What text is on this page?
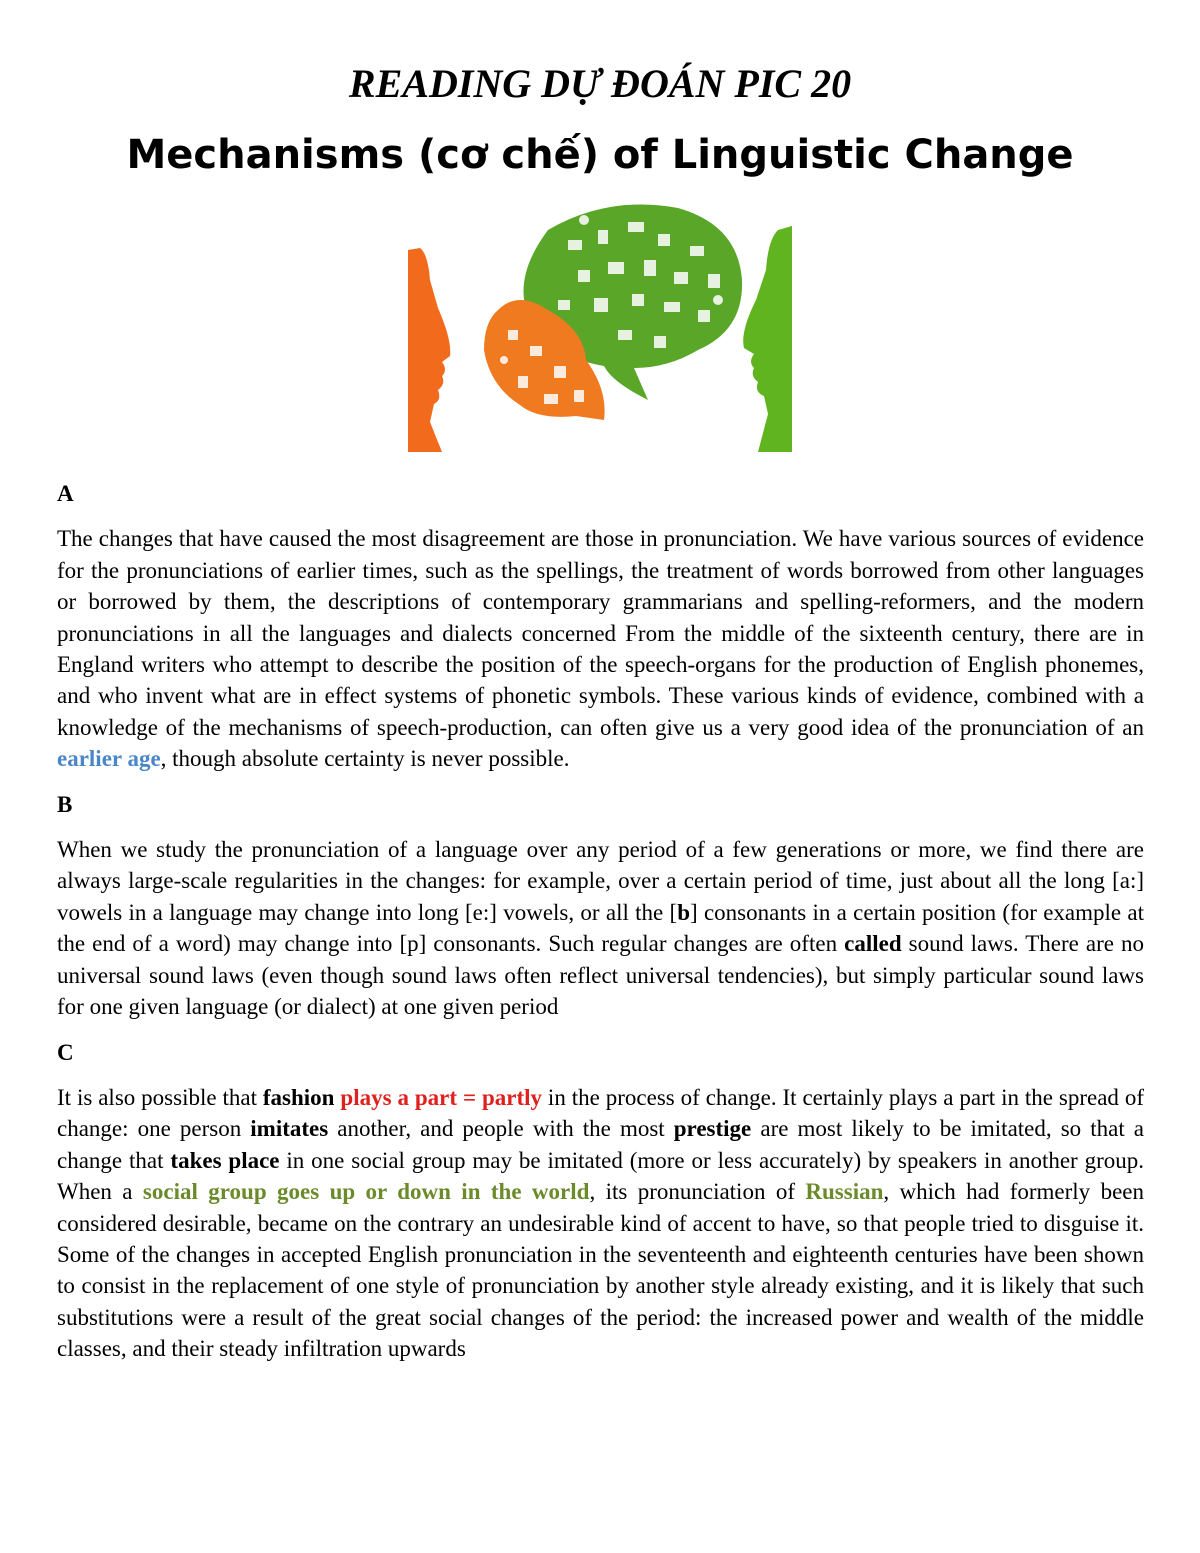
READING DỰ ĐOÁN PIC 20
Mechanisms (cơ chế) of Linguistic Change
A

The changes that have caused the most disagreement are those in pronunciation. We have various sources of evidence for the pronunciations of earlier times, such as the spellings, the treatment of words borrowed from other languages or borrowed by them, the descriptions of contemporary grammarians and spelling-reformers, and the modern pronunciations in all the languages and dialects concerned From the middle of the sixteenth century, there are in England writers who attempt to describe the position of the speech-organs for the production of English phonemes, and who invent what are in effect systems of phonetic symbols. These various kinds of evidence, combined with a knowledge of the mechanisms of speech-production, can often give us a very good idea of the pronunciation of an earlier age, though absolute certainty is never possible.

B

When we study the pronunciation of a language over any period of a few generations or more, we find there are always large-scale regularities in the changes: for example, over a certain period of time, just about all the long [a:] vowels in a language may change into long [e:] vowels, or all the [b] consonants in a certain position (for example at the end of a word) may change into [p] consonants. Such regular changes are often called sound laws. There are no universal sound laws (even though sound laws often reflect universal tendencies), but simply particular sound laws for one given language (or dialect) at one given period

C

It is also possible that fashion plays a part = partly in the process of change. It certainly plays a part in the spread of change: one person imitates another, and people with the most prestige are most likely to be imitated, so that a change that takes place in one social group may be imitated (more or less accurately) by speakers in another group. When a social group goes up or down in the world, its pronunciation of Russian, which had formerly been considered desirable, became on the contrary an undesirable kind of accent to have, so that people tried to disguise it. Some of the changes in accepted English pronunciation in the seventeenth and eighteenth centuries have been shown to consist in the replacement of one style of pronunciation by another style already existing, and it is likely that such substitutions were a result of the great social changes of the period: the increased power and wealth of the middle classes, and their steady infiltration upwards
